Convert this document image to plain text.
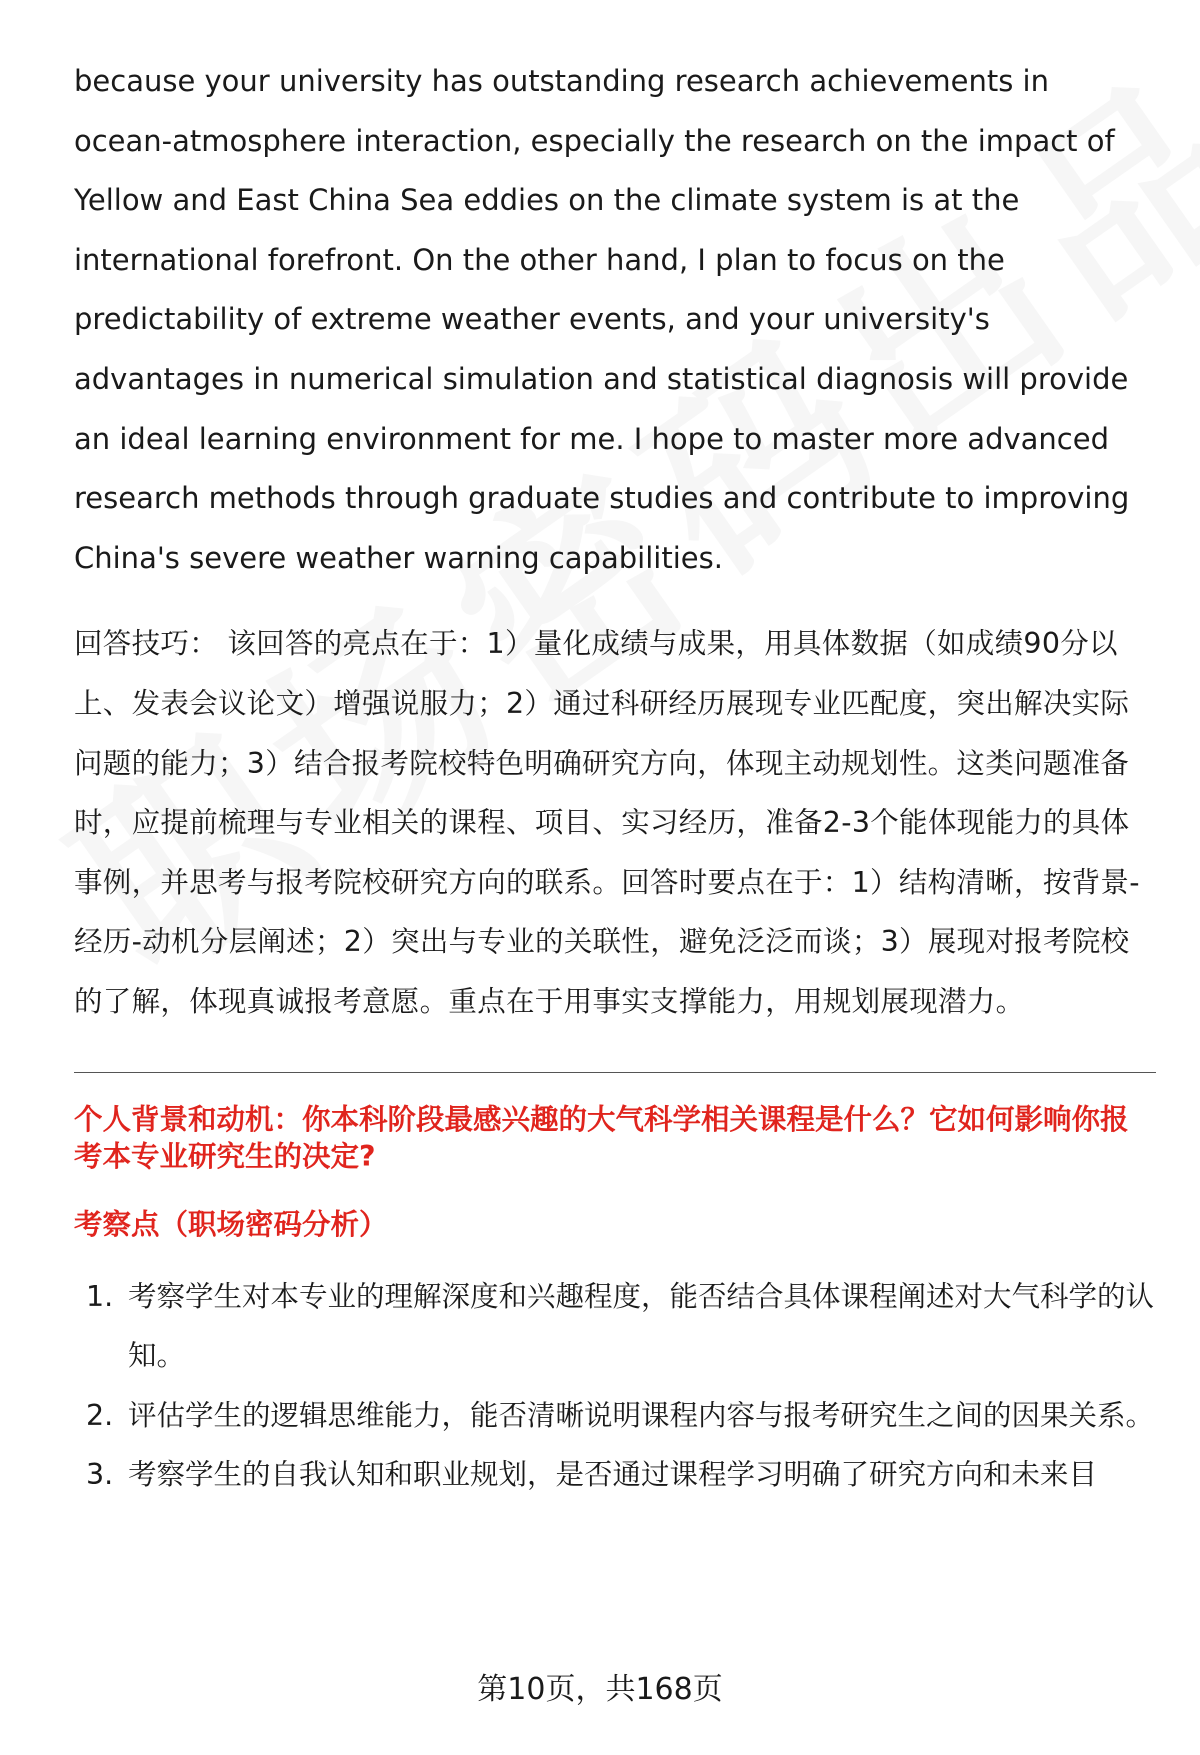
because your university has outstanding research achievements in ocean-atmosphere interaction, especially the research on the impact of Yellow and East China Sea eddies on the climate system is at the international forefront. On the other hand, I plan to focus on the predictability of extreme weather events, and your university's advantages in numerical simulation and statistical diagnosis will provide an ideal learning environment for me. I hope to master more advanced research methods through graduate studies and contribute to improving China's severe weather warning capabilities.

回答技巧： 该回答的亮点在于：1）量化成绩与成果，用具体数据（如成绩90分以上、发表会议论文）增强说服力；2）通过科研经历展现专业匹配度，突出解决实际问题的能力；3）结合报考院校特色明确研究方向，体现主动规划性。这类问题准备时，应提前梳理与专业相关的课程、项目、实习经历，准备2-3个能体现能力的具体事例，并思考与报考院校研究方向的联系。回答时要点在于：1）结构清晰，按背景-经历-动机分层阐述；2）突出与专业的关联性，避免泛泛而谈；3）展现对报考院校的了解，体现真诚报考意愿。重点在于用事实支撑能力，用规划展现潜力。

个人背景和动机：你本科阶段最感兴趣的大气科学相关课程是什么？它如何影响你报考本专业研究生的决定?

考察点（职场密码分析）

1. 考察学生对本专业的理解深度和兴趣程度，能否结合具体课程阐述对大气科学的认知。
2. 评估学生的逻辑思维能力，能否清晰说明课程内容与报考研究生之间的因果关系。
3. 考察学生的自我认知和职业规划，是否通过课程学习明确了研究方向和未来目
第10页，共168页
